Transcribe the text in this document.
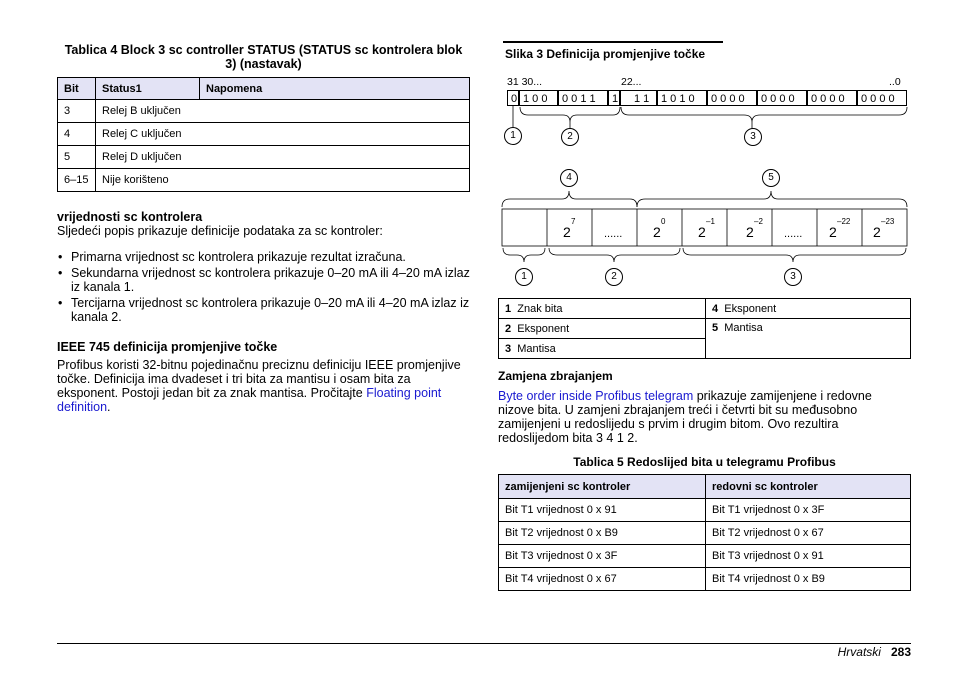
Tablica 4 Block 3 sc controller STATUS (STATUS sc kontrolera blok
3) (nastavak)
Bit	Status1	Napomena
3	Relej B uključen	
4	Relej C uključen	
5	Relej D uključen	
6–15	Nije korišteno	
vrijednosti sc kontrolera
Sljedeći popis prikazuje definicije podataka za sc kontroler:
• Primarna vrijednost sc kontrolera prikazuje rezultat izračuna.
• Sekundarna vrijednost sc kontrolera prikazuje 0–20 mA ili 4–20 mA izlaz iz kanala 1.
• Tercijarna vrijednost sc kontrolera prikazuje 0–20 mA ili 4–20 mA izlaz iz kanala 2.
IEEE 745 definicija promjenjive točke
Profibus koristi 32-bitnu pojedinačnu preciznu definiciju IEEE promjenjive točke. Definicija ima dvadeset i tri bita za mantisu i osam bita za eksponent. Postoji jedan bit za znak mantisa. Pročitajte Floating point definition.
Slika 3 Definicija promjenjive točke
31 30...	22...	..0
0 1 0 0	0 0 1 1	1	1 1	1 0 1 0	0 0 0 0	0 0 0 0	0 0 0 0	0 0 0 0
1	2	3
4	5
1	2	3
2
7
...... 2
0
2
–1
2
–2
...... 2
–22
2
–23
1 Znak bita	4 Eksponent
2 Eksponent	5 Mantisa
3 Mantisa	
Zamjena zbrajanjem
Byte order inside Profibus telegram prikazuje zamijenjene i redovne nizove bita. U zamjeni zbrajanjem treći i četvrti bit su međusobno zamijenjeni u redoslijedu s prvim i drugim bitom. Ovo rezultira redoslijedom bita 3 4 1 2.
Tablica 5 Redoslijed bita u telegramu Profibus
zamijenjeni sc kontroler	redovni sc kontroler
Bit T1 vrijednost 0 x 91	Bit T1 vrijednost 0 x 3F
Bit T2 vrijednost 0 x B9	Bit T2 vrijednost 0 x 67
Bit T3 vrijednost 0 x 3F	Bit T3 vrijednost 0 x 91
Bit T4 vrijednost 0 x 67	Bit T4 vrijednost 0 x B9
Hrvatski 283
